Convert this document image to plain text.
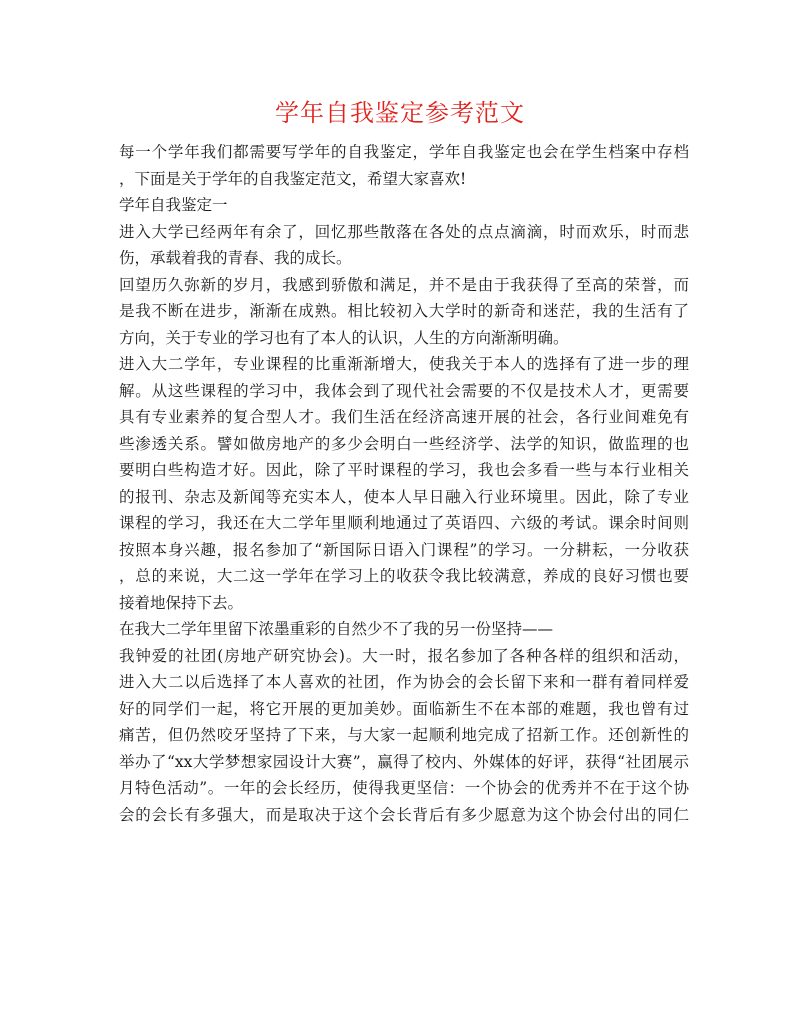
学年自我鉴定参考范文
每一个学年我们都需要写学年的自我鉴定，学年自我鉴定也会在学生档案中存档
，下面是关于学年的自我鉴定范文，希望大家喜欢!
学年自我鉴定一
进入大学已经两年有余了，回忆那些散落在各处的点点滴滴，时而欢乐，时而悲
伤，承载着我的青春、我的成长。
回望历久弥新的岁月，我感到骄傲和满足，并不是由于我获得了至高的荣誉，而
是我不断在进步，渐渐在成熟。相比较初入大学时的新奇和迷茫，我的生活有了
方向，关于专业的学习也有了本人的认识，人生的方向渐渐明确。
进入大二学年，专业课程的比重渐渐增大，使我关于本人的选择有了进一步的理
解。从这些课程的学习中，我体会到了现代社会需要的不仅是技术人才，更需要
具有专业素养的复合型人才。我们生活在经济高速开展的社会，各行业间难免有
些渗透关系。譬如做房地产的多少会明白一些经济学、法学的知识，做监理的也
要明白些构造才好。因此，除了平时课程的学习，我也会多看一些与本行业相关
的报刊、杂志及新闻等充实本人，使本人早日融入行业环境里。因此，除了专业
课程的学习，我还在大二学年里顺利地通过了英语四、六级的考试。课余时间则
按照本身兴趣，报名参加了“新国际日语入门课程”的学习。一分耕耘，一分收获
，总的来说，大二这一学年在学习上的收获令我比较满意，养成的良好习惯也要
接着地保持下去。
在我大二学年里留下浓墨重彩的自然少不了我的另一份坚持——
我钟爱的社团(房地产研究协会)。大一时，报名参加了各种各样的组织和活动，
进入大二以后选择了本人喜欢的社团，作为协会的会长留下来和一群有着同样爱
好的同学们一起，将它开展的更加美妙。面临新生不在本部的难题，我也曾有过
痛苦，但仍然咬牙坚持了下来，与大家一起顺利地完成了招新工作。还创新性的
举办了“xx大学梦想家园设计大赛”，赢得了校内、外媒体的好评，获得“社团展示
月特色活动”。一年的会长经历，使得我更坚信：一个协会的优秀并不在于这个协
会的会长有多强大，而是取决于这个会长背后有多少愿意为这个协会付出的同仁
